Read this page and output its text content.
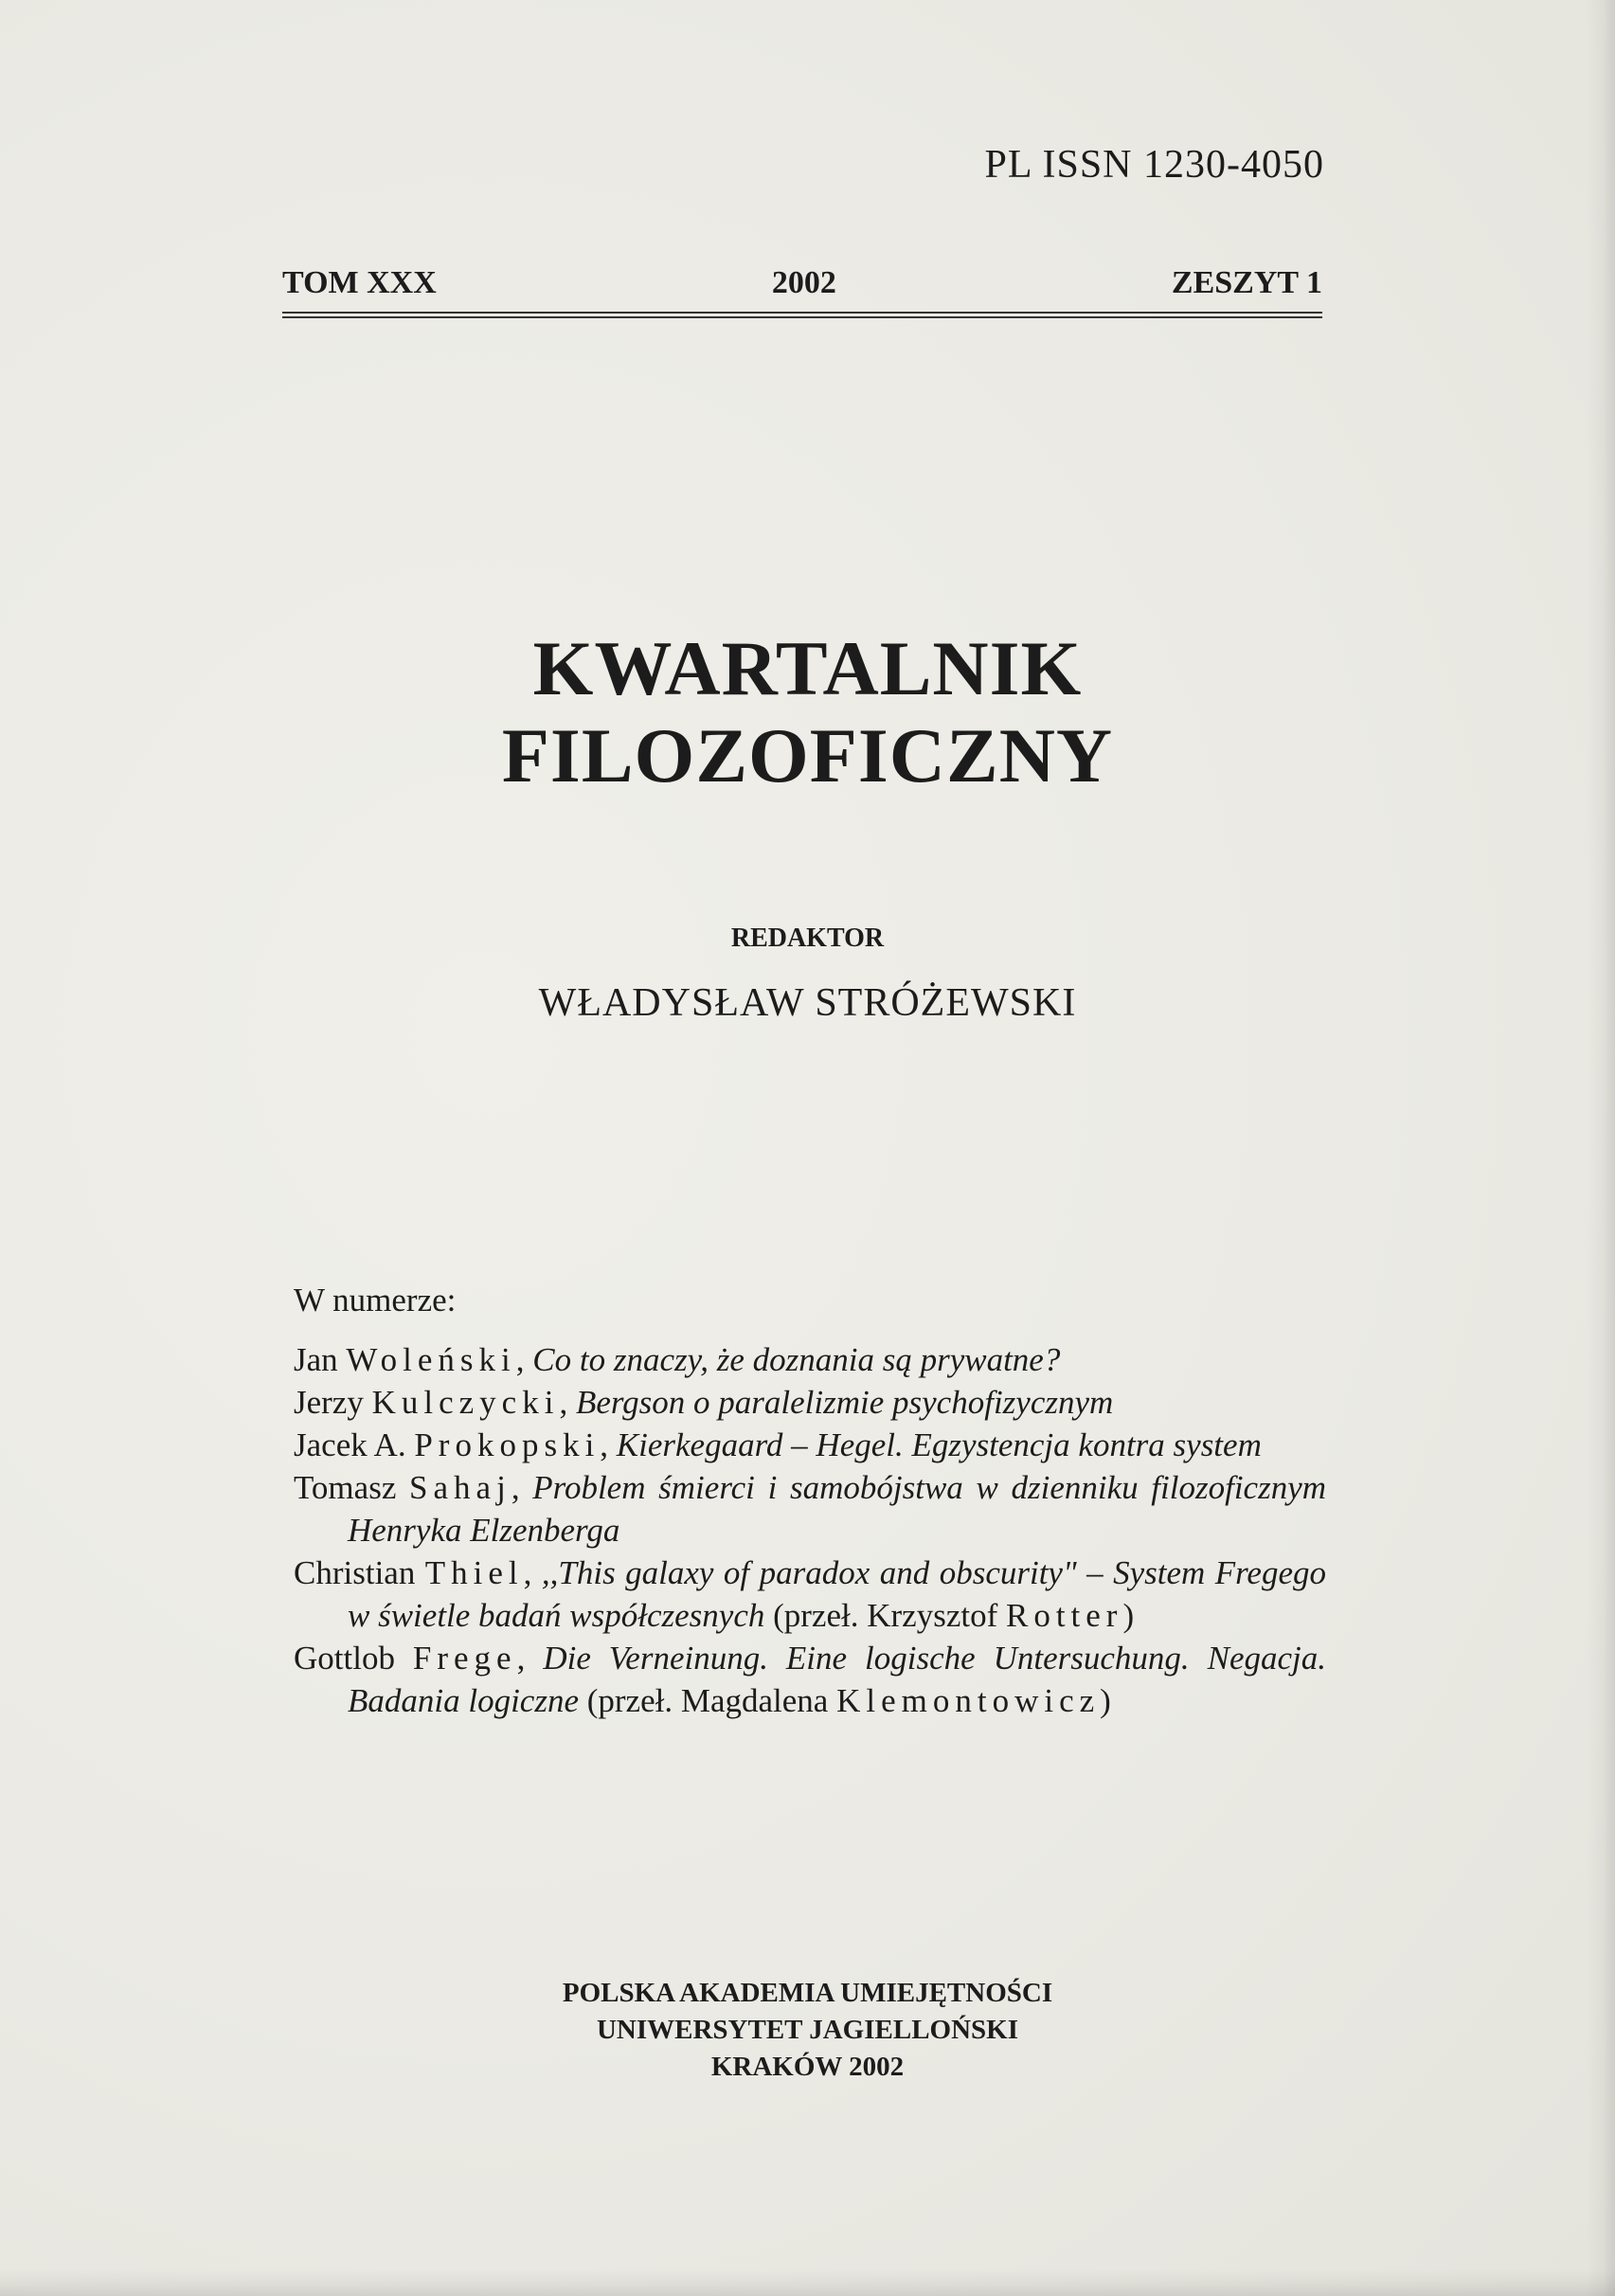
PL ISSN 1230-4050
TOM XXX	2002	ZESZYT 1
KWARTALNIK
FILOZOFICZNY
REDAKTOR
WŁADYSŁAW STRÓŻEWSKI
W numerze:
Jan Woleński, Co to znaczy, że doznania są prywatne?
Jerzy Kulczycki, Bergson o paralelizmie psychofizycznym
Jacek A. Prokopski, Kierkegaard – Hegel. Egzystencja kontra system
Tomasz Sahaj, Problem śmierci i samobójstwa w dzienniku filozoficznym Henryka Elzenberga
Christian Thiel, ,,This galaxy of paradox and obscurity" – System Fregego w świetle badań współczesnych (przeł. Krzysztof Rotter)
Gottlob Frege, Die Verneinung. Eine logische Untersuchung. Negacja. Badania logiczne (przeł. Magdalena Klemontowicz)
POLSKA AKADEMIA UMIEJĘTNOŚCI
UNIWERSYTET JAGIELLOŃSKI
KRAKÓW 2002
